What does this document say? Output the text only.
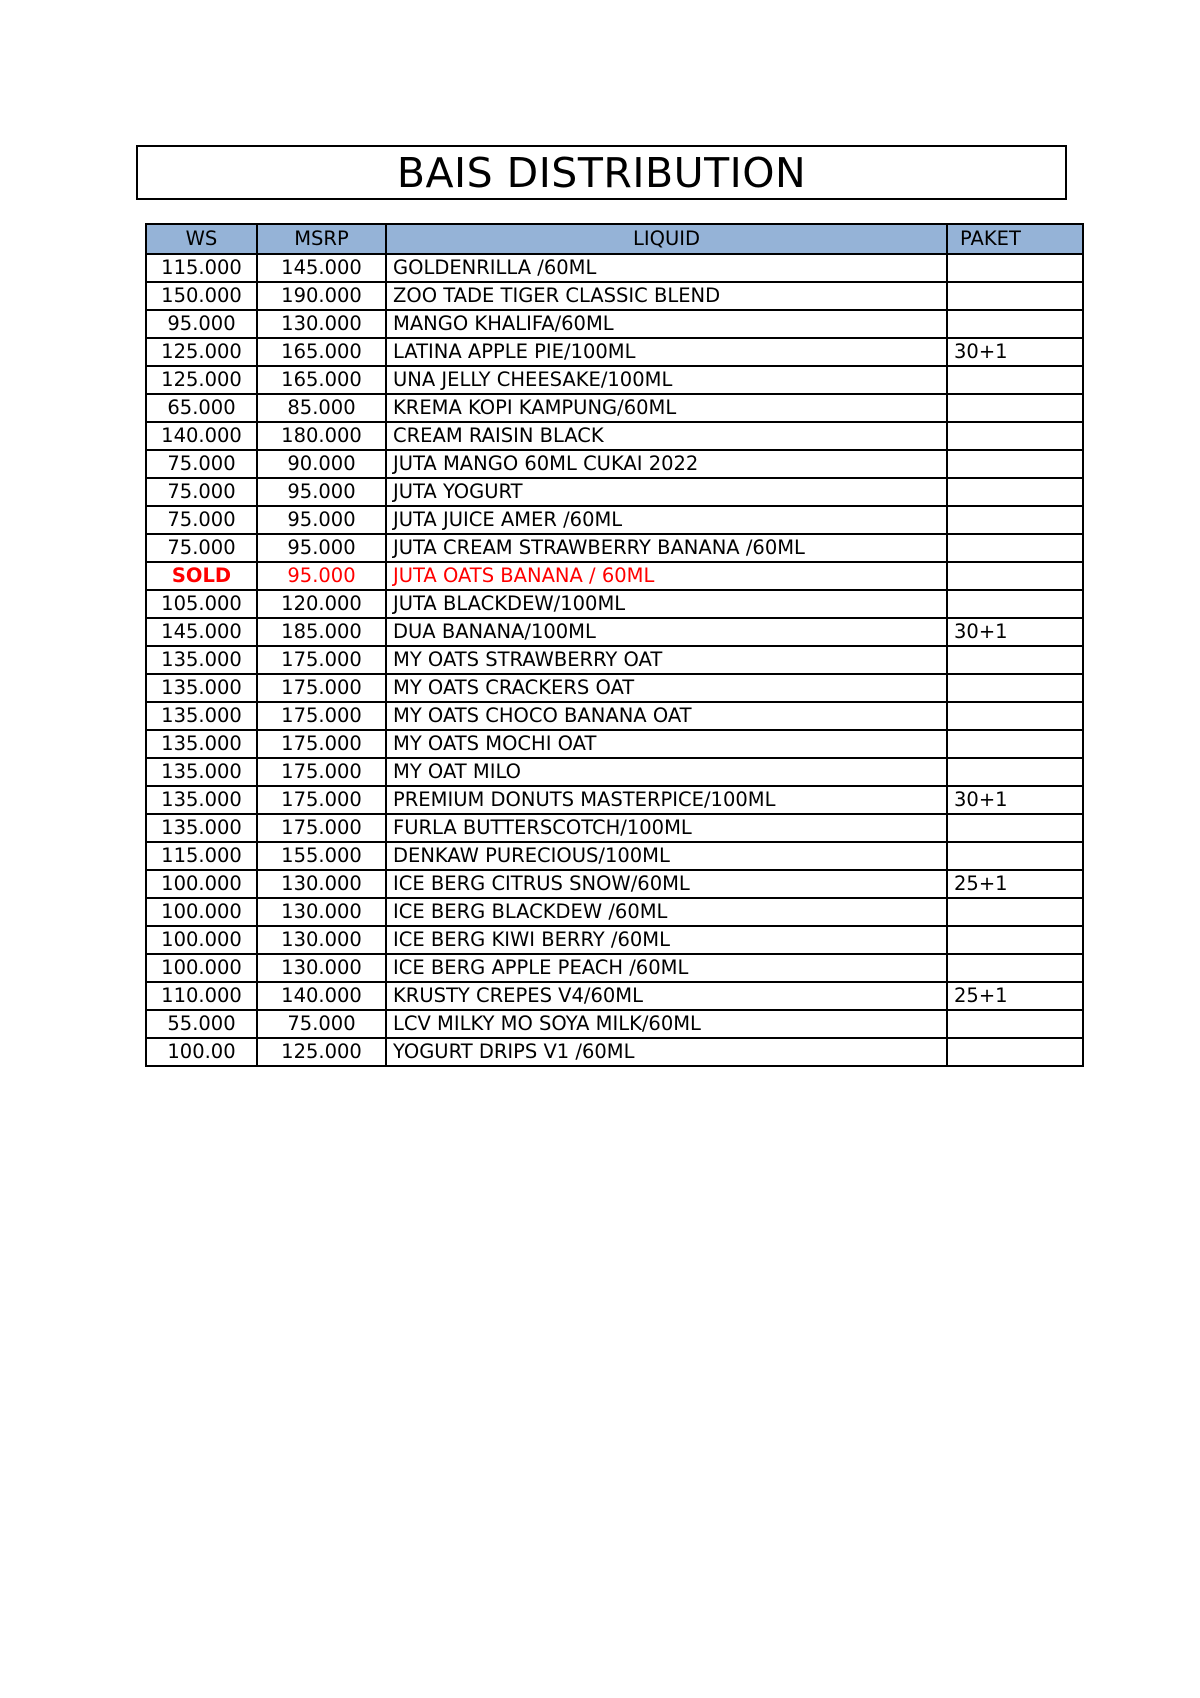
BAIS DISTRIBUTION
WS	MSRP	LIQUID	PAKET
115.000	145.000	GOLDENRILLA /60ML	
150.000	190.000	ZOO TADE TIGER CLASSIC BLEND	
95.000	130.000	MANGO KHALIFA/60ML	
125.000	165.000	LATINA APPLE PIE/100ML	30+1
125.000	165.000	UNA JELLY CHEESAKE/100ML	
65.000	85.000	KREMA KOPI KAMPUNG/60ML	
140.000	180.000	CREAM RAISIN BLACK	
75.000	90.000	JUTA MANGO 60ML CUKAI 2022	
75.000	95.000	JUTA YOGURT	
75.000	95.000	JUTA JUICE AMER /60ML	
75.000	95.000	JUTA CREAM STRAWBERRY BANANA /60ML	
SOLD	95.000	JUTA OATS BANANA / 60ML	
105.000	120.000	JUTA BLACKDEW/100ML	
145.000	185.000	DUA BANANA/100ML	30+1
135.000	175.000	MY OATS STRAWBERRY OAT	
135.000	175.000	MY OATS CRACKERS OAT	
135.000	175.000	MY OATS CHOCO BANANA OAT	
135.000	175.000	MY OATS MOCHI OAT	
135.000	175.000	MY OAT MILO	
135.000	175.000	PREMIUM DONUTS MASTERPICE/100ML	30+1
135.000	175.000	FURLA BUTTERSCOTCH/100ML	
115.000	155.000	DENKAW PURECIOUS/100ML	
100.000	130.000	ICE BERG CITRUS SNOW/60ML	25+1
100.000	130.000	ICE BERG BLACKDEW /60ML	
100.000	130.000	ICE BERG KIWI BERRY /60ML	
100.000	130.000	ICE BERG APPLE PEACH /60ML	
110.000	140.000	KRUSTY CREPES V4/60ML	25+1
55.000	75.000	LCV MILKY MO SOYA MILK/60ML	
100.00	125.000	YOGURT DRIPS V1 /60ML	
